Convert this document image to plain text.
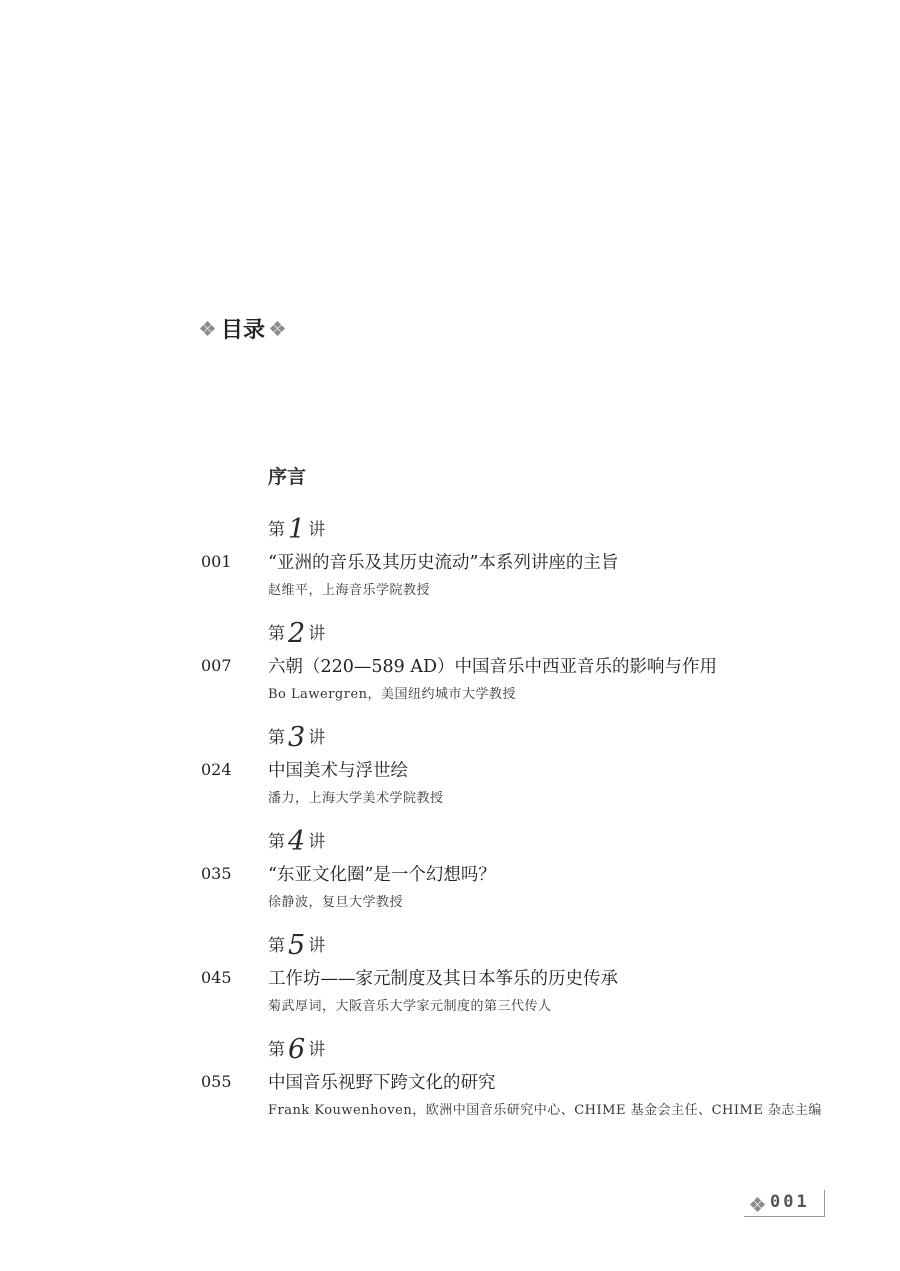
目录
序言
第 1 讲
001 “亚洲的音乐及其历史流动”本系列讲座的主旨
赵维平，上海音乐学院教授
第 2 讲
007 六朝（220—589 AD）中国音乐中西亚音乐的影响与作用
Bo Lawergren，美国纽约城市大学教授
第 3 讲
024 中国美术与浮世绘
潘力，上海大学美术学院教授
第 4 讲
035 “东亚文化圈”是一个幻想吗？
徐静波，复旦大学教授
第 5 讲
045 工作坊——家元制度及其日本筝乐的历史传承
菊武厚词，大阪音乐大学家元制度的第三代传人
第 6 讲
055 中国音乐视野下跨文化的研究
Frank Kouwenhoven，欧洲中国音乐研究中心、CHIME 基金会主任、CHIME 杂志主编
001
